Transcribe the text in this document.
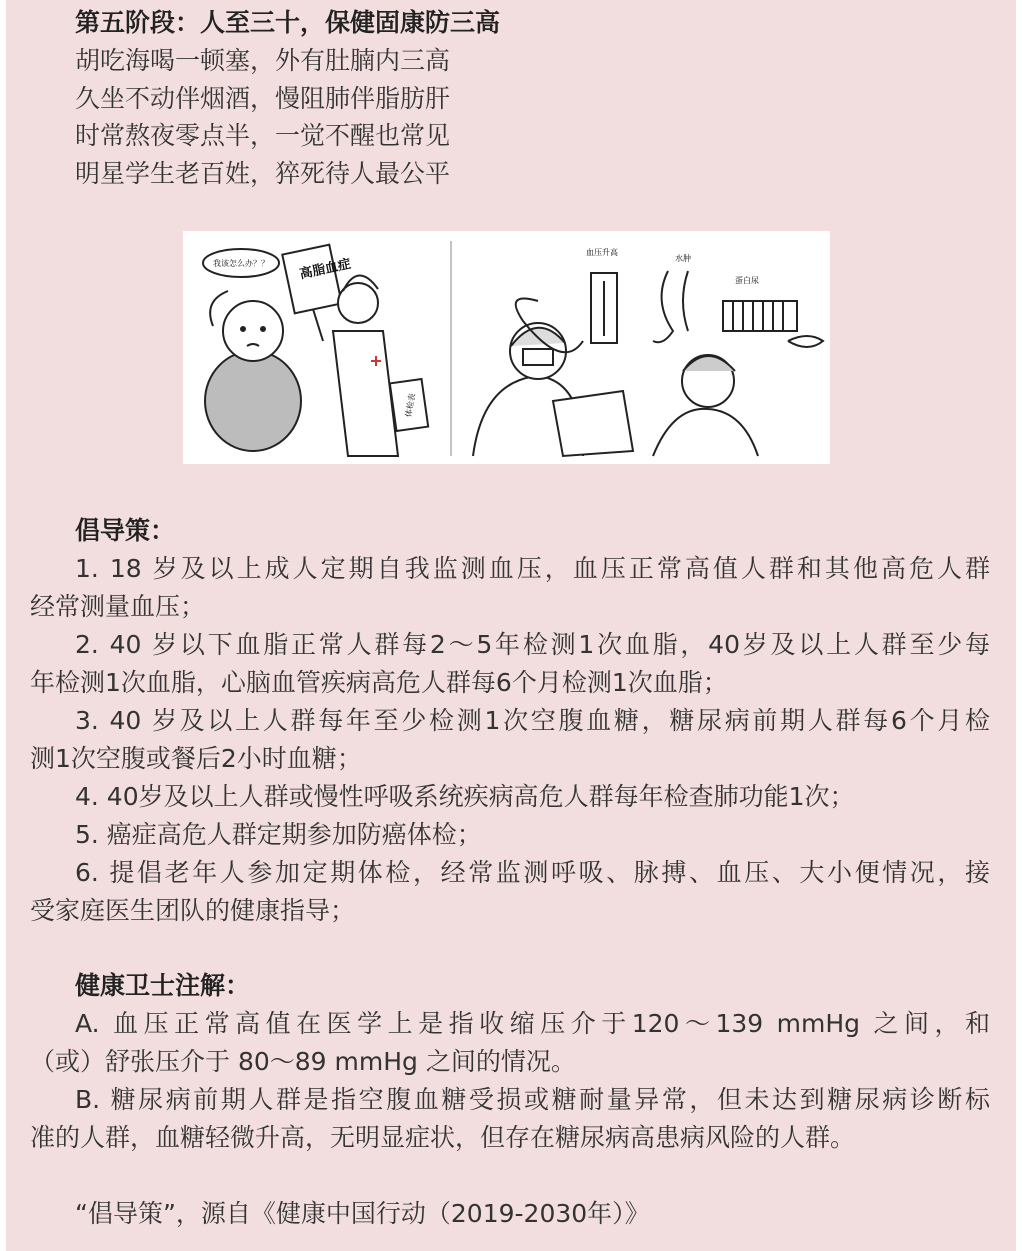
第五阶段：人至三十，保健固康防三高
胡吃海喝一顿塞，外有肚腩内三高
久坐不动伴烟酒，慢阻肺伴脂肪肝
时常熬夜零点半，一觉不醒也常见
明星学生老百姓，猝死待人最公平
我该怎么办？？ 高脂血症
体检表
血压升高
水肿
蛋白尿
倡导策：
1. 18 岁及以上成人定期自我监测血压，血压正常高值人群和其他高危人群
经常测量血压；
2. 40 岁以下血脂正常人群每2～5年检测1次血脂，40岁及以上人群至少每
年检测1次血脂，心脑血管疾病高危人群每6个月检测1次血脂；
3. 40 岁及以上人群每年至少检测1次空腹血糖，糖尿病前期人群每6个月检
测1次空腹或餐后2小时血糖；
4. 40岁及以上人群或慢性呼吸系统疾病高危人群每年检查肺功能1次；
5. 癌症高危人群定期参加防癌体检；
6. 提倡老年人参加定期体检，经常监测呼吸、脉搏、血压、大小便情况，接
受家庭医生团队的健康指导；
健康卫士注解：
A. 血压正常高值在医学上是指收缩压介于120～139 mmHg 之间，和
（或）舒张压介于 80～89 mmHg 之间的情况。
B. 糖尿病前期人群是指空腹血糖受损或糖耐量异常，但未达到糖尿病诊断标
准的人群，血糖轻微升高，无明显症状，但存在糖尿病高患病风险的人群。
“倡导策”，源自《健康中国行动（2019-2030年）》
